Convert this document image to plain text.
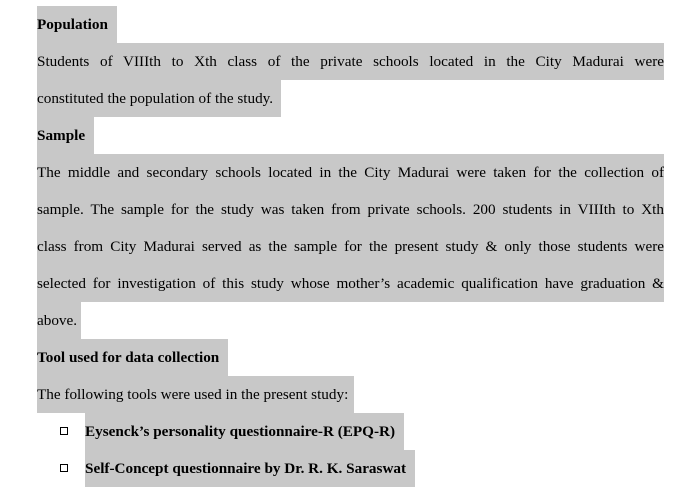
Population
Students of VIIIth to Xth class of the private schools located in the City Madurai were
constituted the population of the study.
Sample
The middle and secondary schools located in the City Madurai were taken for the collection of
sample. The sample for the study was taken from private schools. 200 students in VIIIth to Xth
class from City Madurai served as the sample for the present study & only those students were
selected for investigation of this study whose mother’s academic qualification have graduation &
above.
Tool used for data collection
The following tools were used in the present study:
Eysenck’s personality questionnaire-R (EPQ-R)
Self-Concept questionnaire by Dr. R. K. Saraswat
